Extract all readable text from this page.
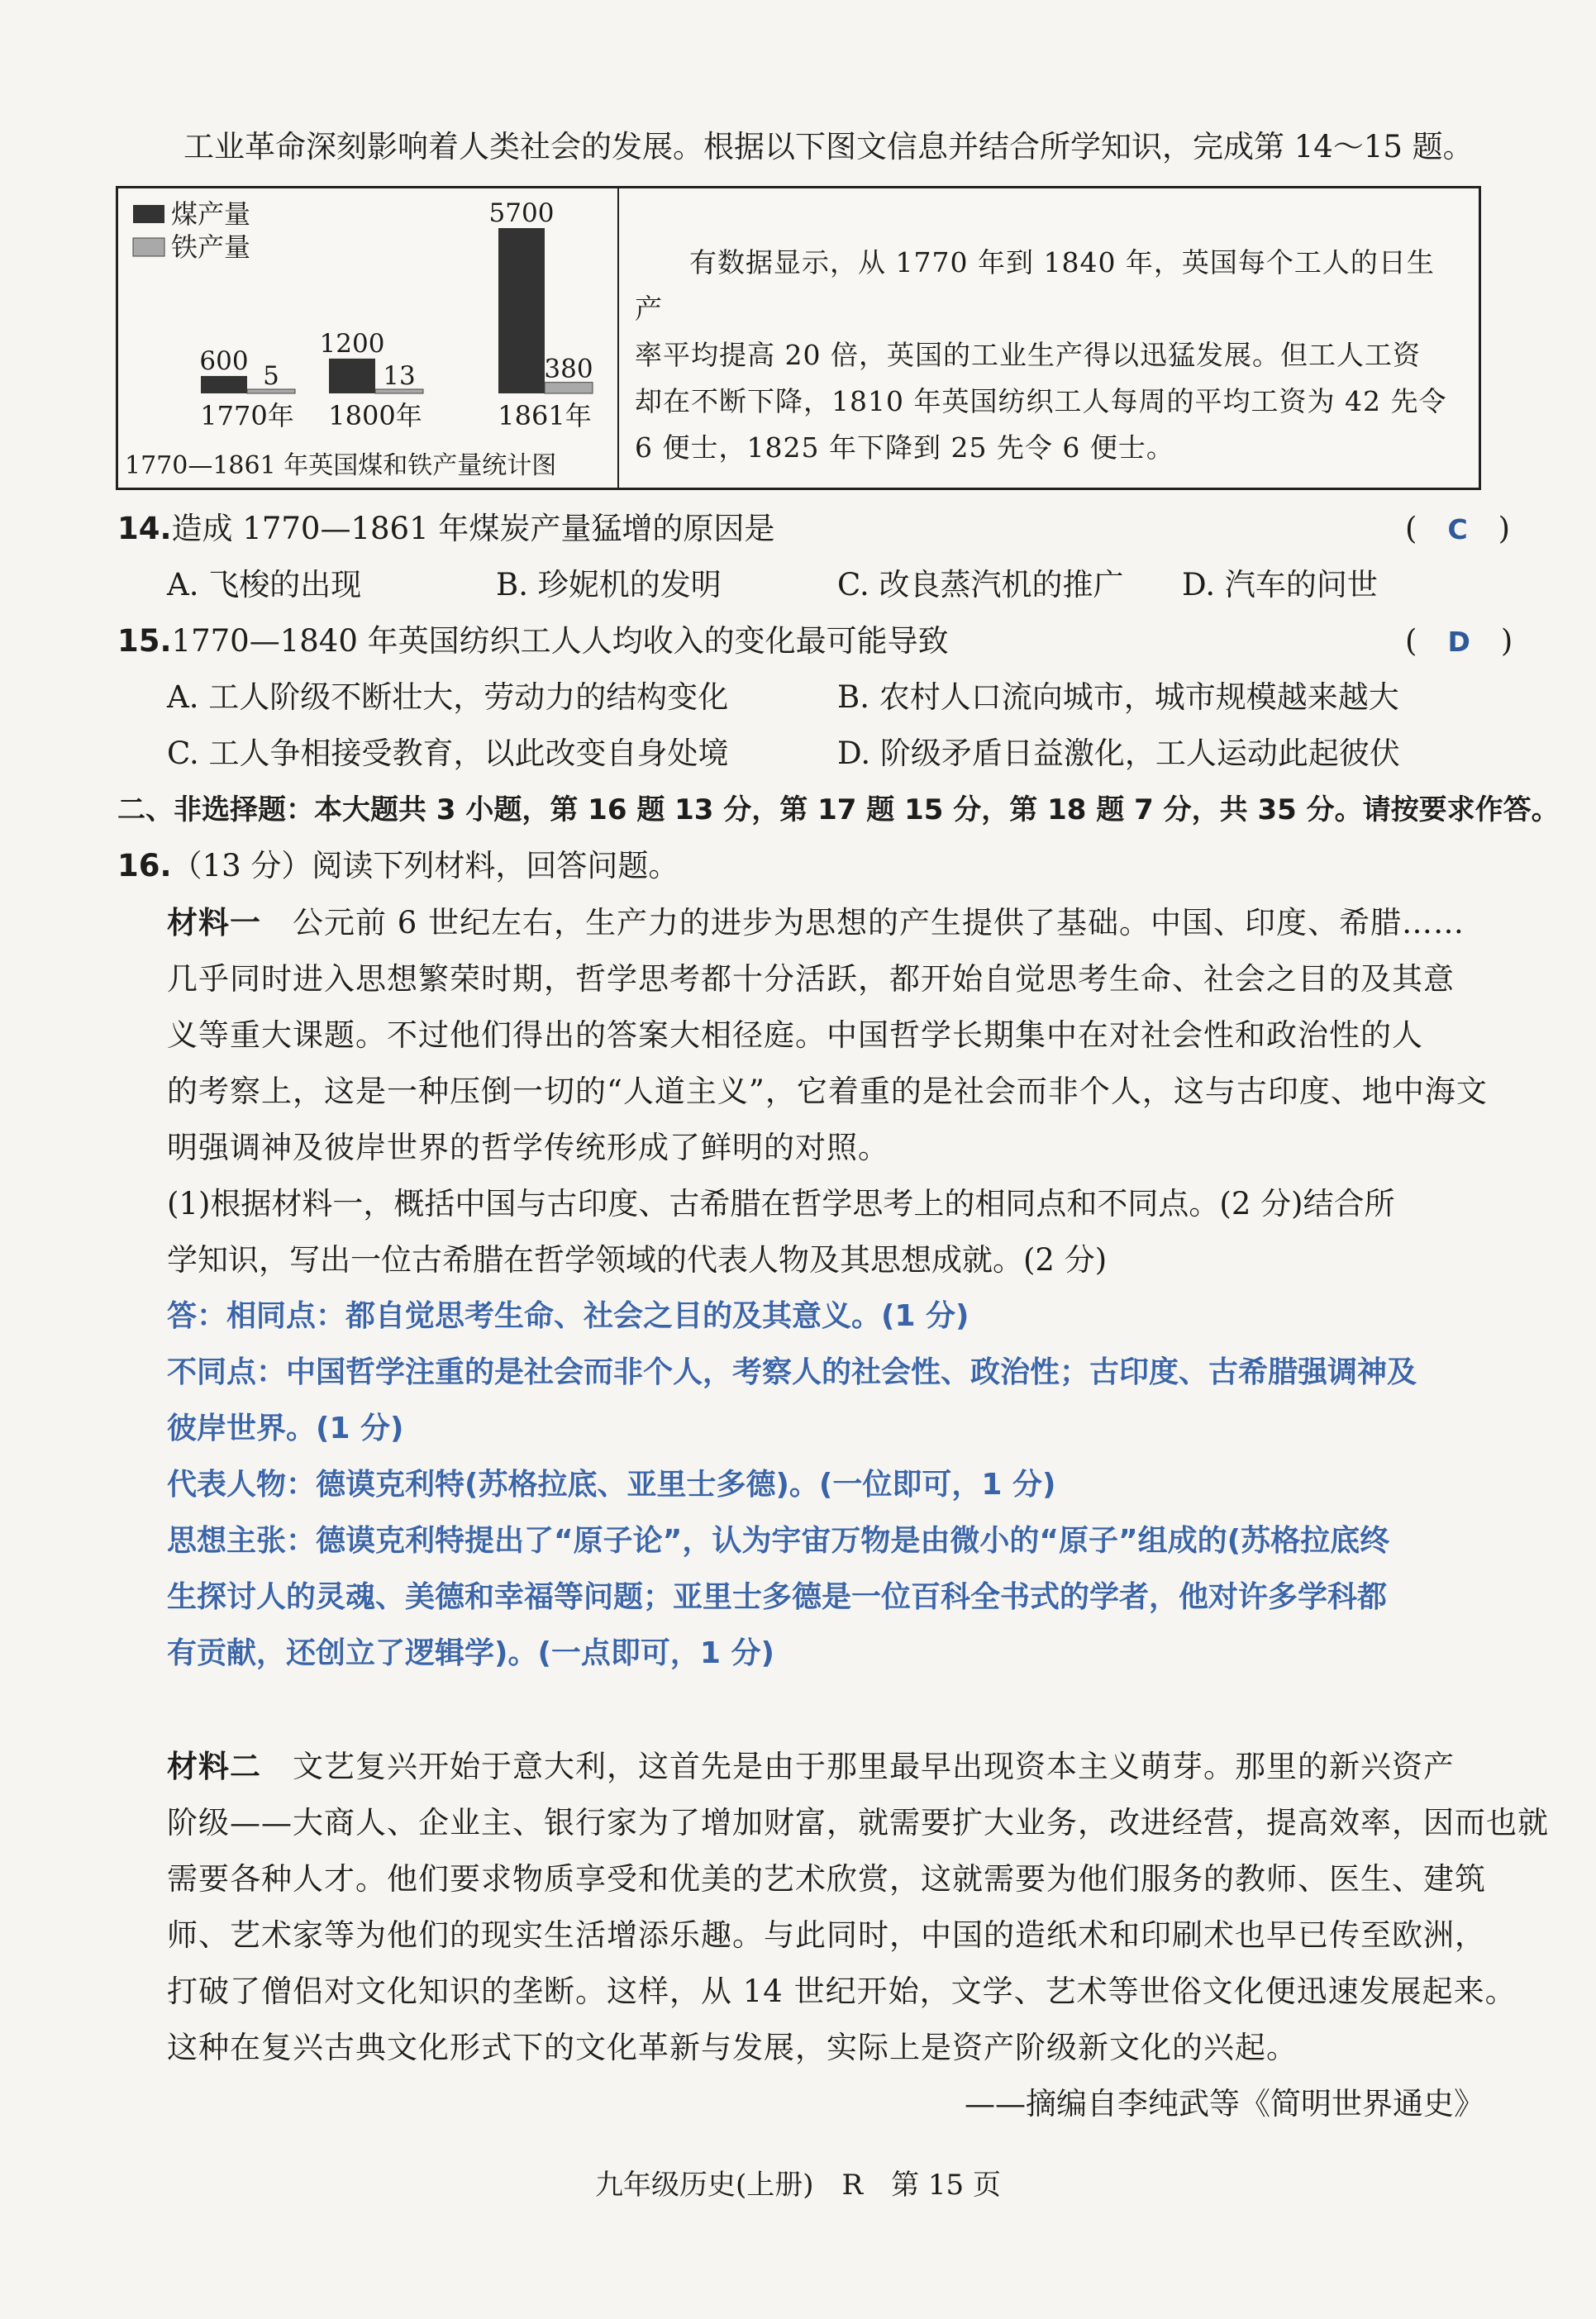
工业革命深刻影响着人类社会的发展。根据以下图文信息并结合所学知识，完成第 14～15 题。
煤产量
铁产量
600
5
1770年
1200
13
1800年
5700
380
1861年
1770—1861 年英国煤和铁产量统计图
有数据显示，从 1770 年到 1840 年，英国每个工人的日生产
率平均提高 20 倍，英国的工业生产得以迅猛发展。但工人工资
却在不断下降，1810 年英国纺织工人每周的平均工资为 42 先令
6 便士，1825 年下降到 25 先令 6 便士。
14.造成 1770—1861 年煤炭产量猛增的原因是	(　C　)
A. 飞梭的出现	B. 珍妮机的发明	C. 改良蒸汽机的推广 D. 汽车的问世
15.1770—1840 年英国纺织工人人均收入的变化最可能导致	(　D　)
A. 工人阶级不断壮大，劳动力的结构变化	B. 农村人口流向城市，城市规模越来越大
C. 工人争相接受教育，以此改变自身处境	D. 阶级矛盾日益激化，工人运动此起彼伏
二、非选择题：本大题共 3 小题，第 16 题 13 分，第 17 题 15 分，第 18 题 7 分，共 35 分。请按要求作答。
16.（13 分）阅读下列材料，回答问题。
材料一　 公元前 6 世纪左右，生产力的进步为思想的产生提供了基础。中国、印度、希腊……
几乎同时进入思想繁荣时期，哲学思考都十分活跃，都开始自觉思考生命、社会之目的及其意
义等重大课题。不过他们得出的答案大相径庭。中国哲学长期集中在对社会性和政治性的人
的考察上，这是一种压倒一切的“人道主义”，它着重的是社会而非个人，这与古印度、地中海文
明强调神及彼岸世界的哲学传统形成了鲜明的对照。
(1)根据材料一，概括中国与古印度、古希腊在哲学思考上的相同点和不同点。(2 分)结合所
学知识，写出一位古希腊在哲学领域的代表人物及其思想成就。(2 分)
答：相同点：都自觉思考生命、社会之目的及其意义。(1 分)
不同点：中国哲学注重的是社会而非个人，考察人的社会性、政治性；古印度、古希腊强调神及
彼岸世界。(1 分)
代表人物：德谟克利特(苏格拉底、亚里士多德)。(一位即可，1 分)
思想主张：德谟克利特提出了“原子论”，认为宇宙万物是由微小的“原子”组成的(苏格拉底终
生探讨人的灵魂、美德和幸福等问题；亚里士多德是一位百科全书式的学者，他对许多学科都
有贡献，还创立了逻辑学)。(一点即可，1 分)
材料二　 文艺复兴开始于意大利，这首先是由于那里最早出现资本主义萌芽。那里的新兴资产
阶级——大商人、企业主、银行家为了增加财富，就需要扩大业务，改进经营，提高效率，因而也就
需要各种人才。他们要求物质享受和优美的艺术欣赏，这就需要为他们服务的教师、医生、建筑
师、艺术家等为他们的现实生活增添乐趣。与此同时，中国的造纸术和印刷术也早已传至欧洲，
打破了僧侣对文化知识的垄断。这样，从 14 世纪开始，文学、艺术等世俗文化便迅速发展起来。
这种在复兴古典文化形式下的文化革新与发展，实际上是资产阶级新文化的兴起。
——摘编自李纯武等《简明世界通史》
九年级历史(上册)　R　第 15 页
